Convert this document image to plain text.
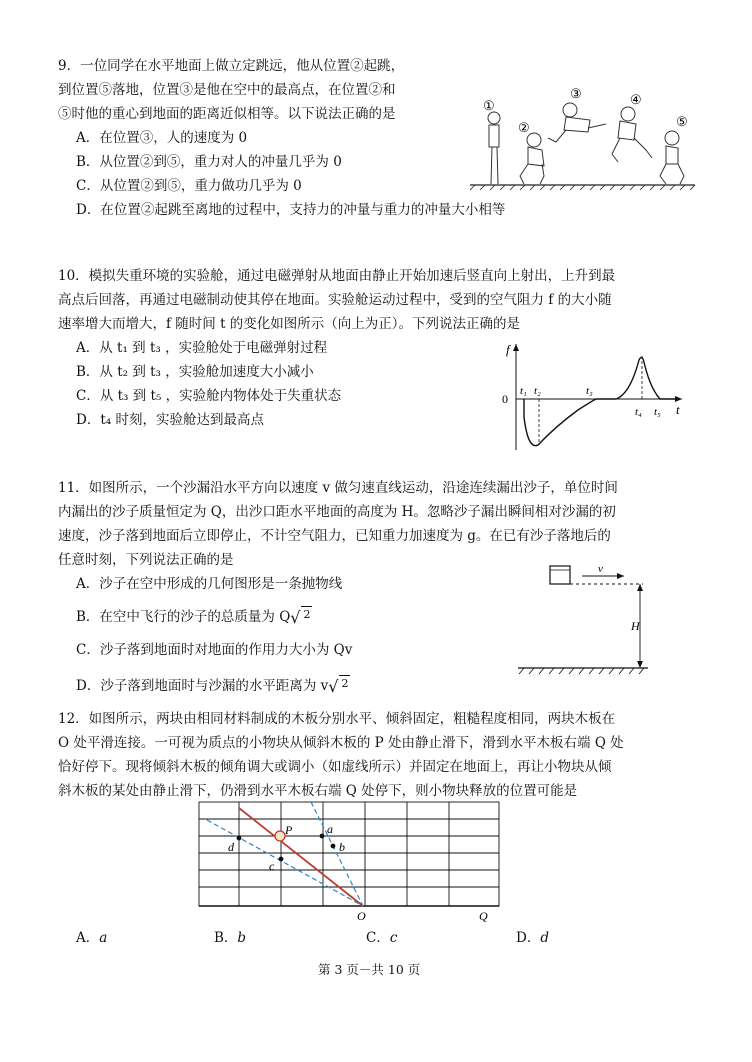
9．一位同学在水平地面上做立定跳远，他从位置②起跳，
到位置⑤落地，位置③是他在空中的最高点，在位置②和
⑤时他的重心到地面的距离近似相等。以下说法正确的是
A．在位置③，人的速度为 0
B．从位置②到⑤，重力对人的冲量几乎为 0
C．从位置②到⑤，重力做功几乎为 0
D．在位置②起跳至离地的过程中，支持力的冲量与重力的冲量大小相等
①
②
③	④
⑤
10．模拟失重环境的实验舱，通过电磁弹射从地面由静止开始加速后竖直向上射出，上升到最
高点后回落，再通过电磁制动使其停在地面。实验舱运动过程中，受到的空气阻力 f 的大小随
速率增大而增大，f 随时间 t 的变化如图所示（向上为正）。下列说法正确的是
A．从 t₁ 到 t₃ ，实验舱处于电磁弹射过程
B．从 t₂ 到 t₃ ，实验舱加速度大小减小
C．从 t₃ 到 t₅ ，实验舱内物体处于失重状态
D．t₄ 时刻，实验舱达到最高点
f
0
t
t₁ t₂	t₃
t₄ t₅
11．如图所示，一个沙漏沿水平方向以速度 v 做匀速直线运动，沿途连续漏出沙子，单位时间
内漏出的沙子质量恒定为 Q，出沙口距水平地面的高度为 H。忽略沙子漏出瞬间相对沙漏的初
速度，沙子落到地面后立即停止，不计空气阻力，已知重力加速度为 g。在已有沙子落地后的
任意时刻，下列说法正确的是
A．沙子在空中形成的几何图形是一条抛物线
B．在空中飞行的沙子的总质量为 Q√ 2
C．沙子落到地面时对地面的作用力大小为 Qv
D．沙子落到地面时与沙漏的水平距离为 v√ 2
v
H
12．如图所示，两块由相同材料制成的木板分别水平、倾斜固定，粗糙程度相同，两块木板在
O 处平滑连接。一可视为质点的小物块从倾斜木板的 P 处由静止滑下，滑到水平木板右端 Q 处
恰好停下。现将倾斜木板的倾角调大或调小（如虚线所示）并固定在地面上，再让小物块从倾
斜木板的某处由静止滑下，仍滑到水平木板右端 Q 处停下，则小物块释放的位置可能是
P	a
b
c
d
O	Q
A．a	B．b	C．c	D．d
第 3 页－共 10 页
